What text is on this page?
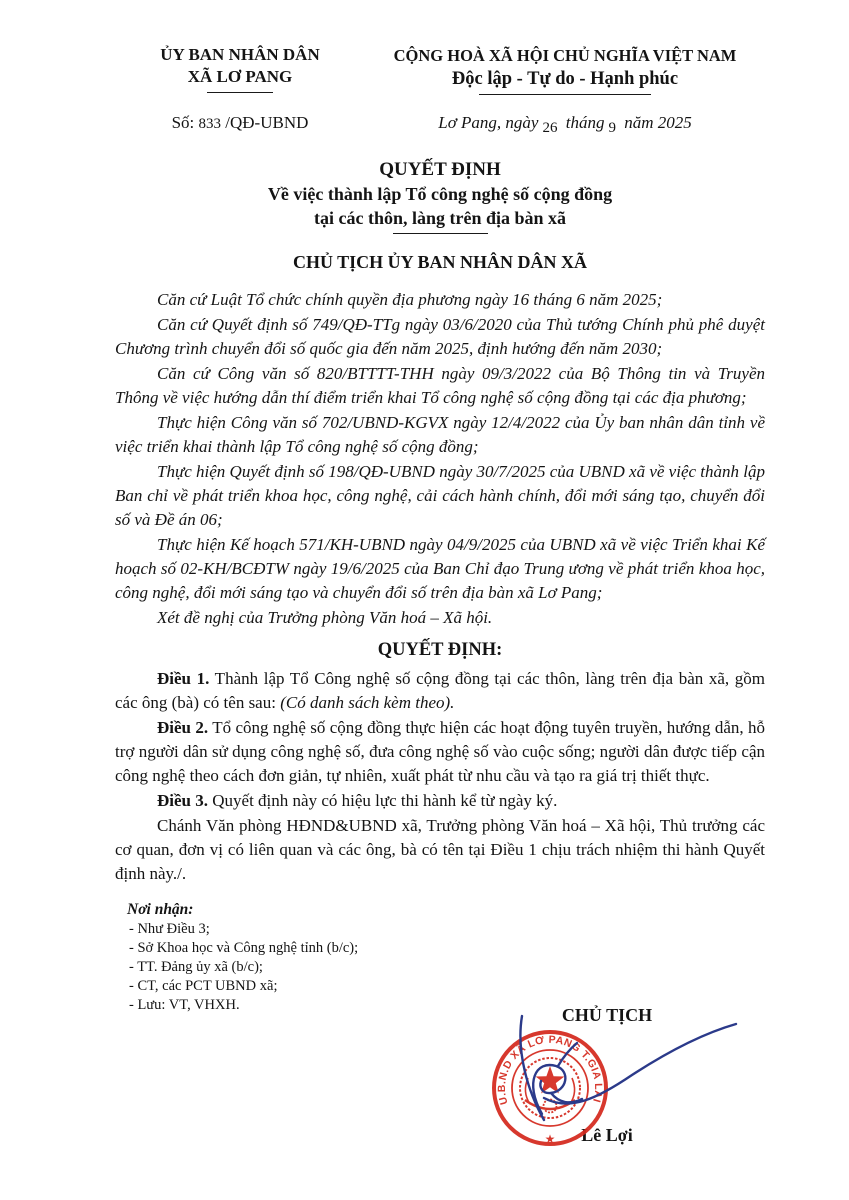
ỦY BAN NHÂN DÂN
XÃ LƠ PANG
CỘNG HOÀ XÃ HỘI CHỦ NGHĨA VIỆT NAM
Độc lập - Tự do - Hạnh phúc
Số: 833 /QĐ-UBND	Lơ Pang, ngày 26 tháng 9 năm 2025
QUYẾT ĐỊNH
Về việc thành lập Tổ công nghệ số cộng đồng
tại các thôn, làng trên địa bàn xã
CHỦ TỊCH ỦY BAN NHÂN DÂN XÃ

Căn cứ Luật Tổ chức chính quyền địa phương ngày 16 tháng 6 năm 2025;

Căn cứ Quyết định số 749/QĐ-TTg ngày 03/6/2020 của Thủ tướng Chính phủ phê duyệt Chương trình chuyển đổi số quốc gia đến năm 2025, định hướng đến năm 2030;

Căn cứ Công văn số 820/BTTTT-THH ngày 09/3/2022 của Bộ Thông tin và Truyền Thông về việc hướng dẫn thí điểm triển khai Tổ công nghệ số cộng đồng tại các địa phương;

Thực hiện Công văn số 702/UBND-KGVX ngày 12/4/2022 của Ủy ban nhân dân tỉnh về việc triển khai thành lập Tổ công nghệ số cộng đồng;

Thực hiện Quyết định số 198/QĐ-UBND ngày 30/7/2025 của UBND xã về việc thành lập Ban chỉ về phát triển khoa học, công nghệ, cải cách hành chính, đổi mới sáng tạo, chuyển đổi số và Đề án 06;

Thực hiện Kế hoạch 571/KH-UBND ngày 04/9/2025 của UBND xã về việc Triển khai Kế hoạch số 02-KH/BCĐTW ngày 19/6/2025 của Ban Chỉ đạo Trung ương về phát triển khoa học, công nghệ, đổi mới sáng tạo và chuyển đổi số trên địa bàn xã Lơ Pang;

Xét đề nghị của Trưởng phòng Văn hoá – Xã hội.

QUYẾT ĐỊNH:

Điều 1. Thành lập Tổ Công nghệ số cộng đồng tại các thôn, làng trên địa bàn xã, gồm các ông (bà) có tên sau: (Có danh sách kèm theo).

Điều 2. Tổ công nghệ số cộng đồng thực hiện các hoạt động tuyên truyền, hướng dẫn, hỗ trợ người dân sử dụng công nghệ số, đưa công nghệ số vào cuộc sống; người dân được tiếp cận công nghệ theo cách đơn giản, tự nhiên, xuất phát từ nhu cầu và tạo ra giá trị thiết thực.

Điều 3. Quyết định này có hiệu lực thi hành kể từ ngày ký.

Chánh Văn phòng HĐND&UBND xã, Trưởng phòng Văn hoá – Xã hội, Thủ trưởng các cơ quan, đơn vị có liên quan và các ông, bà có tên tại Điều 1 chịu trách nhiệm thi hành Quyết định này./.

Nơi nhận:
- Như Điều 3;
- Sở Khoa học và Công nghệ tỉnh (b/c);
- TT. Đảng ủy xã (b/c);
- CT, các PCT UBND xã;
- Lưu: VT, VHXH.	CHỦ TỊCH
Lê Lợi
U.B.N.D XÃ LƠ PANG T.GIA LAI
★
